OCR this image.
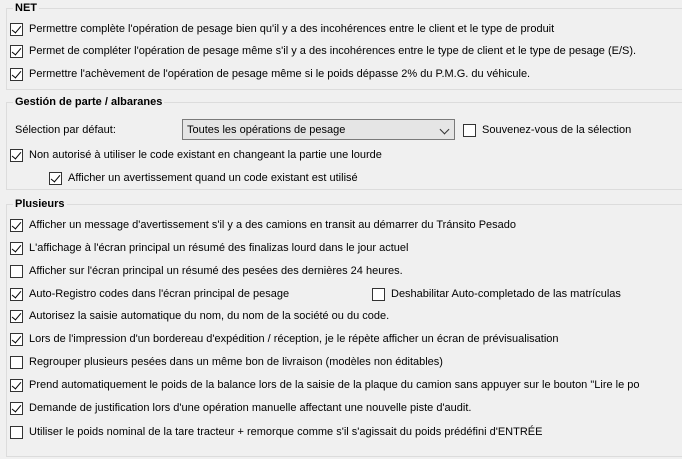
NET
Permettre complète l'opération de pesage bien qu'il y a des incohérences entre le client et le type de produit
Permet de compléter l'opération de pesage même s'il y a des incohérences entre le type de client et le type de pesage (E/S).
Permettre l'achèvement de l'opération de pesage même si le poids dépasse 2% du P.M.G. du véhicule.
Gestión de parte / albaranes
Sélection par défaut:	Toutes les opérations de pesage	Souvenez-vous de la sélection
Non autorisé à utiliser le code existant en changeant la partie une lourde
Afficher un avertissement quand un code existant est utilisé
Plusieurs
Afficher un message d'avertissement s'il y a des camions en transit au démarrer du Tránsito Pesado
L'affichage à l'écran principal un résumé des finalizas lourd dans le jour actuel
Afficher sur l'écran principal un résumé des pesées des dernières 24 heures.
Auto-Registro codes dans l'écran principal de pesage	Deshabilitar Auto-completado de las matrículas
Autorisez la saisie automatique du nom, du nom de la société ou du code.
Lors de l'impression d'un bordereau d'expédition / réception, je le répète afficher un écran de prévisualisation
Regrouper plusieurs pesées dans un même bon de livraison (modèles non éditables)
Prend automatiquement le poids de la balance lors de la saisie de la plaque du camion sans appuyer sur le bouton "Lire le po
Demande de justification lors d'une opération manuelle affectant une nouvelle piste d'audit.
Utiliser le poids nominal de la tare tracteur + remorque comme s'il s'agissait du poids prédéfini d'ENTRÉE
